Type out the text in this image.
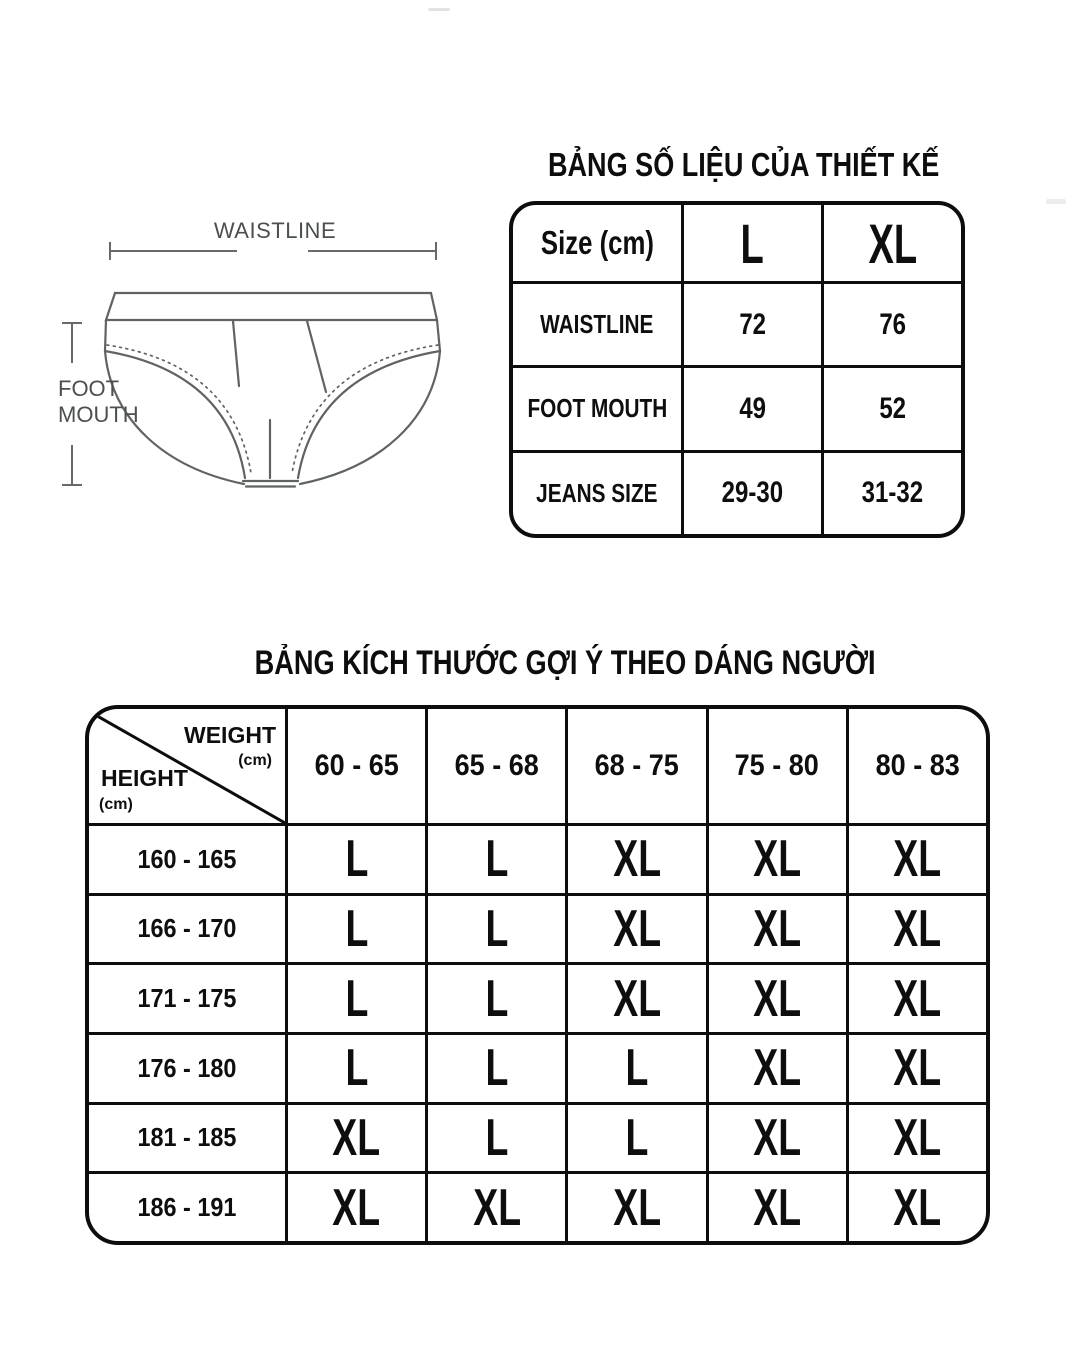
WAISTLINE
FOOT
MOUTH
BẢNG SỐ LIỆU CỦA THIẾT KẾ
Size (cm) L XL
WAISTLINE	72	76
FOOT MOUTH 49	52
JEANS SIZE 29-30	31-32
BẢNG KÍCH THƯỚC GỢI Ý THEO DÁNG NGƯỜI
WEIGHT
(cm)
HEIGHT
(cm)
60 - 65 65 - 68 68 - 75 75 - 80 80 - 83
160 - 165 L L XL XL XL
166 - 170 L L XL XL XL
171 - 175 L L XL XL XL
176 - 180 L L L XL XL
181 - 185 XL L L XL XL
186 - 191 XL XL XL XL XL
